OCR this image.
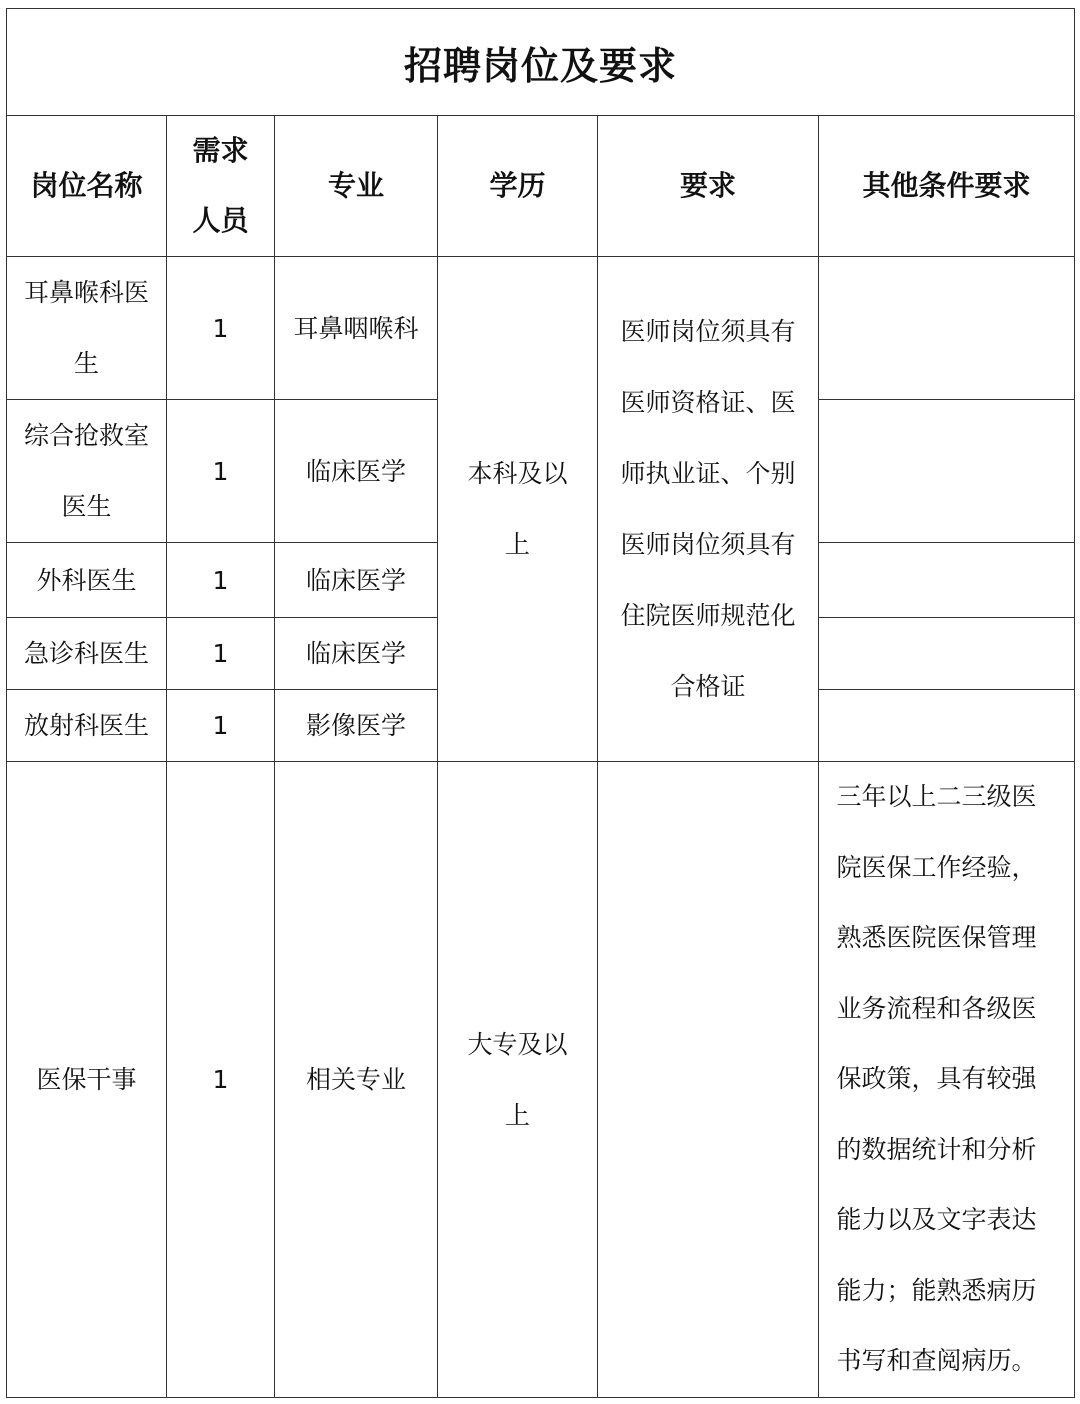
招聘岗位及要求					

岗位名称	需求人员	专业	学历	要求	其他条件要求

耳鼻喉科医生	1	耳鼻咽喉科	本科及以上	医师岗位须具有医师资格证、医师执业证、个别医师岗位须具有住院医师规范化合格证	

综合抢救室医生	1	临床医学			
外科医生	1	临床医学			
急诊科医生	1	临床医学			
放射科医生	1	影像医学			
医保干事	1	相关专业	大专及以上		三年以上二三级医院医保工作经验，熟悉医院医保管理业务流程和各级医保政策，具有较强的数据统计和分析能力以及文字表达能力；能熟悉病历书写和查阅病历。
